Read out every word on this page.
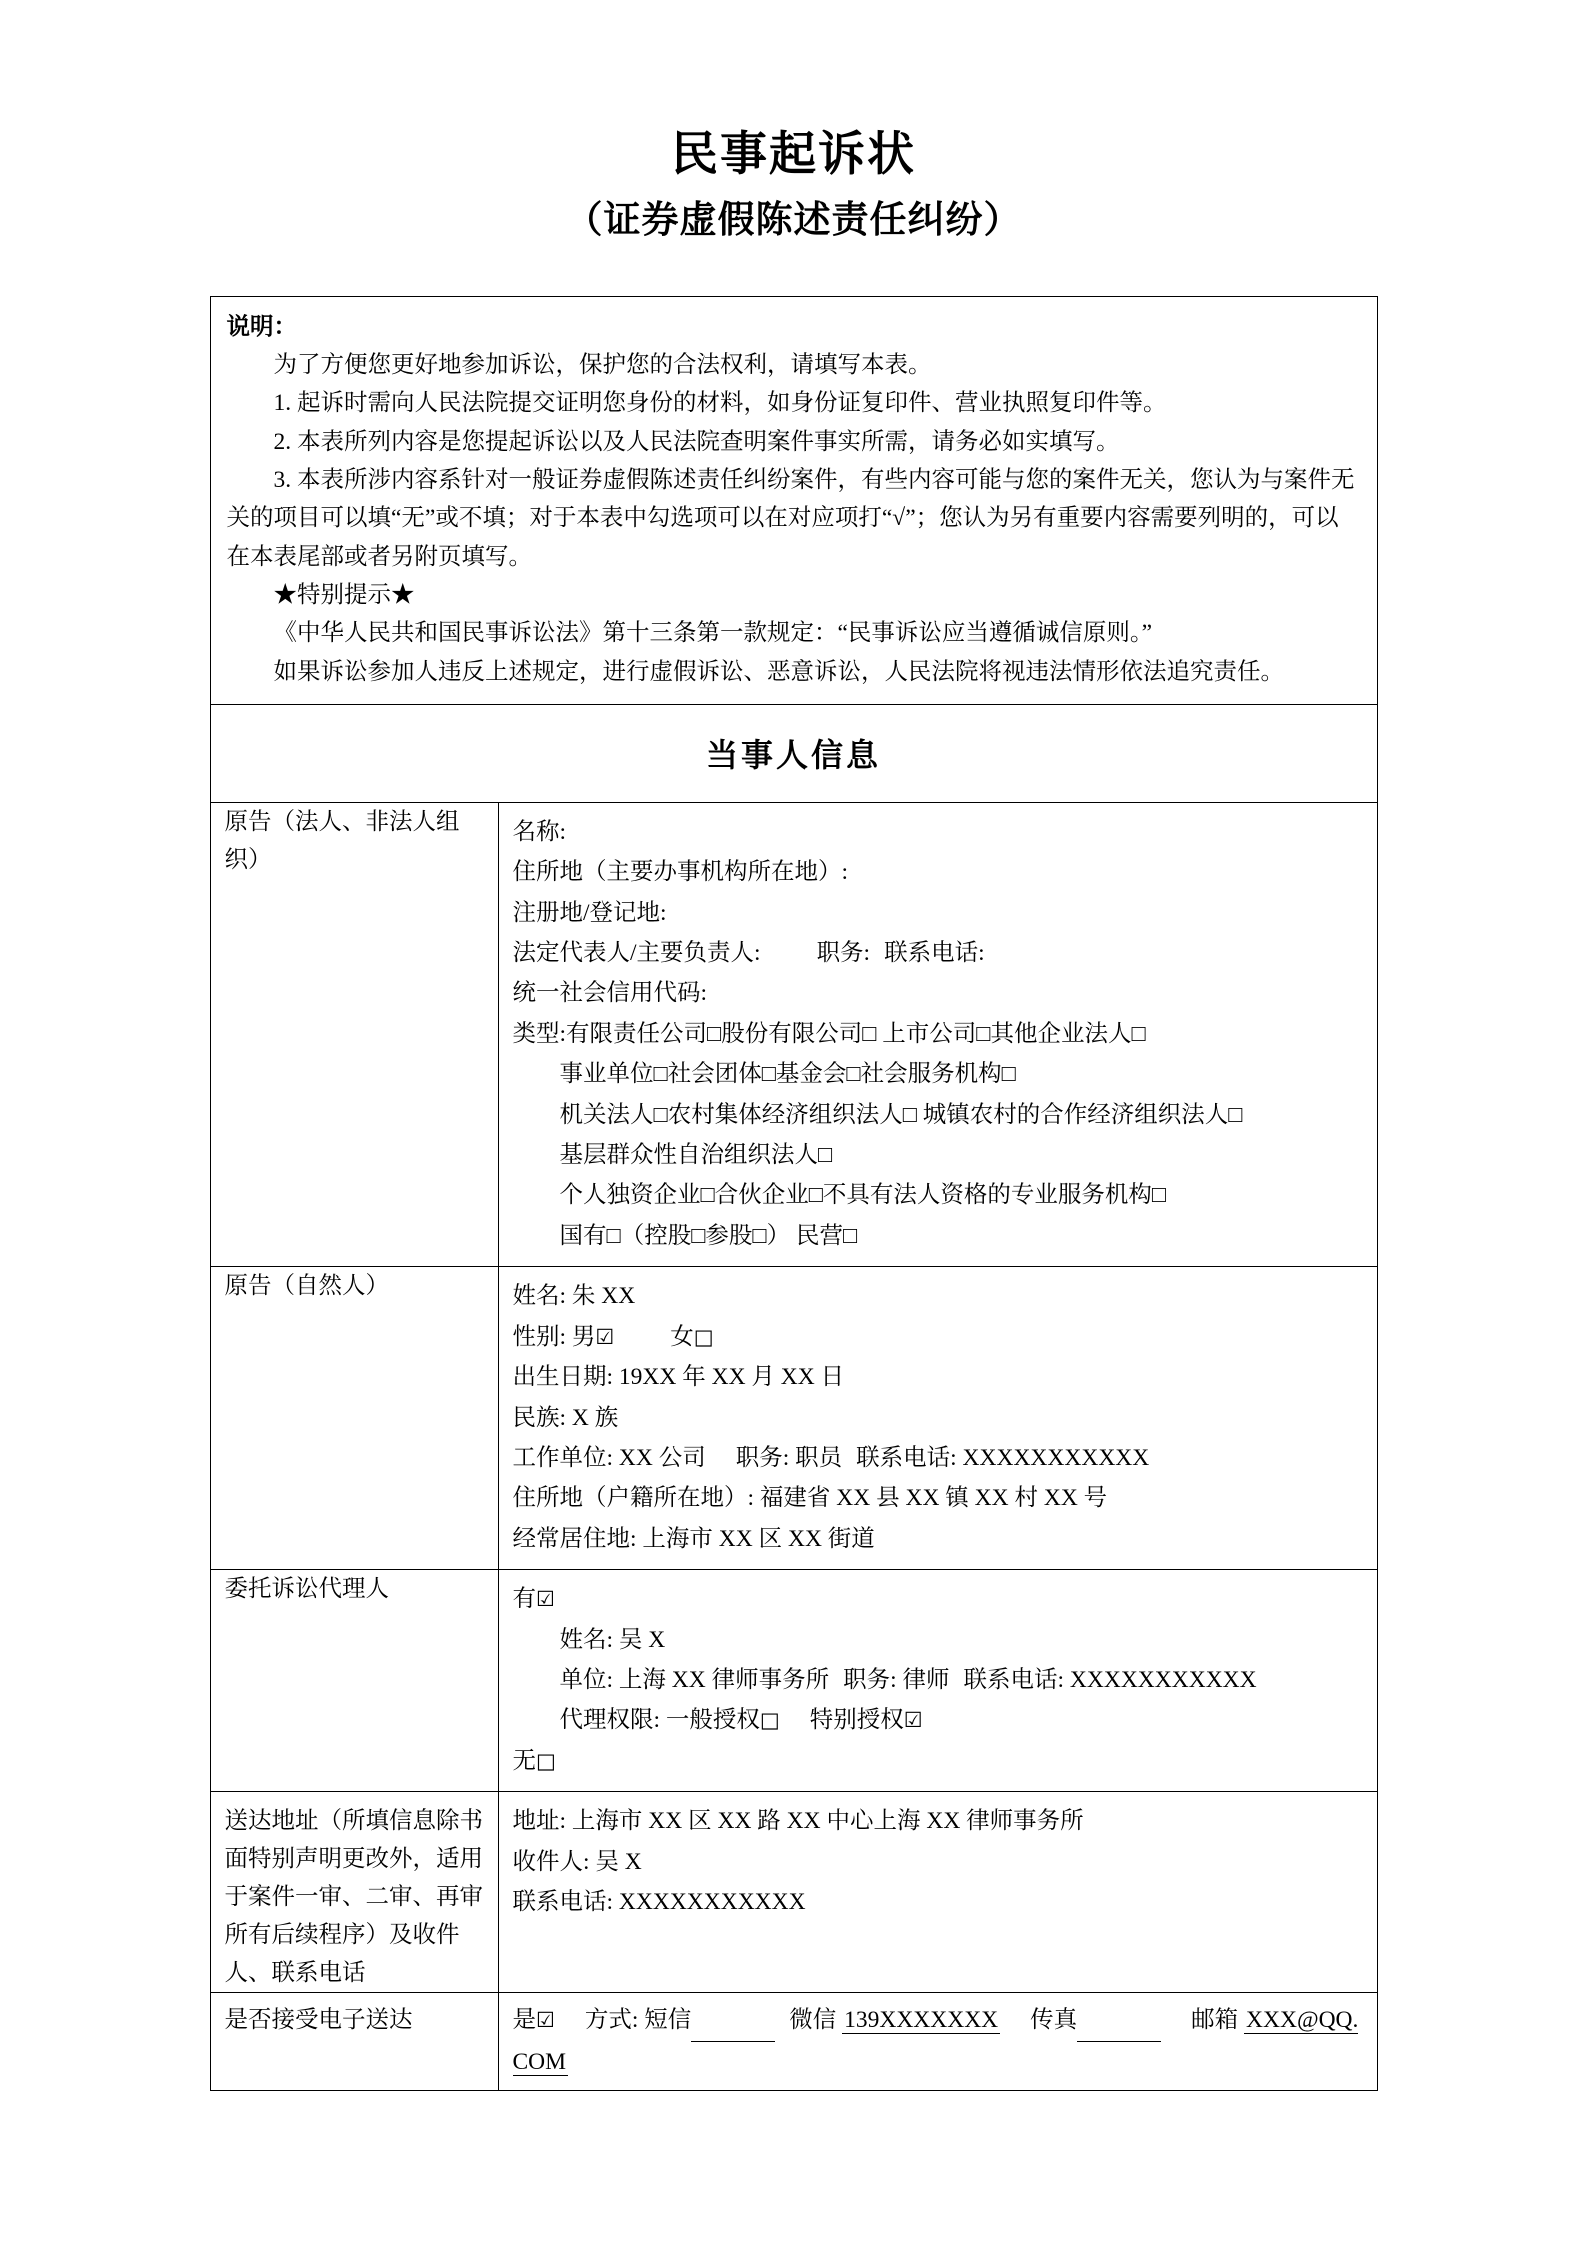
民事起诉状
（证券虚假陈述责任纠纷）

说明：

为了方便您更好地参加诉讼，保护您的合法权利，请填写本表。

1. 起诉时需向人民法院提交证明您身份的材料，如身份证复印件、营业执照复印件等。

2. 本表所列内容是您提起诉讼以及人民法院查明案件事实所需，请务必如实填写。

3. 本表所涉内容系针对一般证券虚假陈述责任纠纷案件，有些内容可能与您的案件无关，您认为与案件无关的项目可以填“无”或不填；对于本表中勾选项可以在对应项打“√”；您认为另有重要内容需要列明的，可以在本表尾部或者另附页填写。

★特别提示★

《中华人民共和国民事诉讼法》第十三条第一款规定：“民事诉讼应当遵循诚信原则。”

如果诉讼参加人违反上述规定，进行虚假诉讼、恶意诉讼，人民法院将视违法情形依法追究责任。

当事人信息	

原告（法人、非法人组织）

名称:

住所地（主要办事机构所在地）:

注册地/登记地:

法定代表人/主要负责人: 职务: 联系电话:

统一社会信用代码:

类型:有限责任公司□股份有限公司□ 上市公司□其他企业法人□

事业单位□社会团体□基金会□社会服务机构□

机关法人□农村集体经济组织法人□ 城镇农村的合作经济组织法人□

基层群众性自治组织法人□

个人独资企业□合伙企业□不具有法人资格的专业服务机构□

国有□（控股□参股□） 民营□

原告（自然人）	姓名: 朱 XX

性别: 男☑ 女□

出生日期: 19XX 年 XX 月 XX 日

民族: X 族

工作单位: XX 公司 职务: 职员 联系电话: XXXXXXXXXXX

住所地（户籍所在地）: 福建省 XX 县 XX 镇 XX 村 XX 号

经常居住地: 上海市 XX 区 XX 街道

委托诉讼代理人	有☑

姓名: 吴 X

单位: 上海 XX 律师事务所 职务: 律师 联系电话: XXXXXXXXXXX

代理权限: 一般授权□ 特别授权☑

无□

送达地址（所填信息除书面特别声明更改外，适用于案件一审、二审、再审所有后续程序）及收件人、联系电话	地址: 上海市 XX 区 XX 路 XX 中心上海 XX 律师事务所

收件人: 吴 X

联系电话: XXXXXXXXXXX

是否接受电子送达	是☑ 方式: 短信 微信 139XXXXXXX 传真 邮箱 XXX@QQ. COM
